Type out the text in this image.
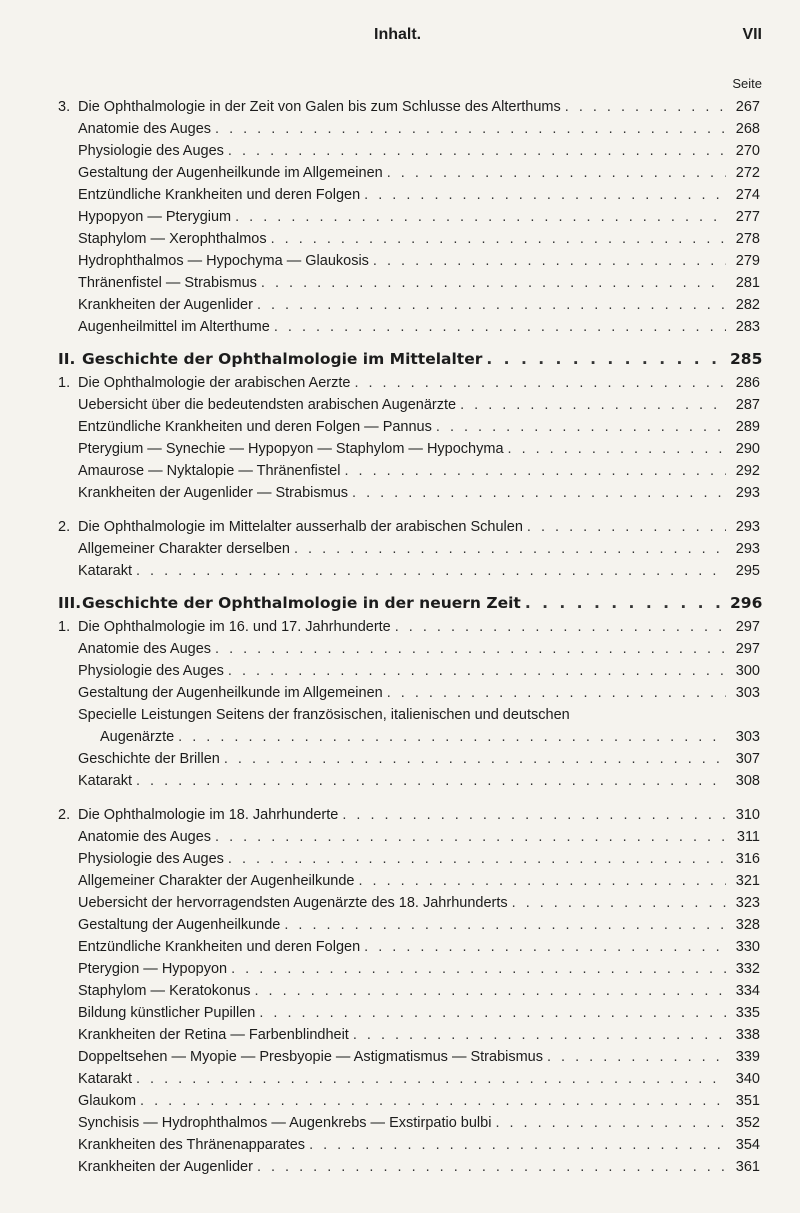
Inhalt.	VII
Seite
3. Die Ophthalmologie in der Zeit von Galen bis zum Schlusse des Alterthums . . .	267
Anatomie des Auges . . .	268
Physiologie des Auges . . .	270
Gestaltung der Augenheilkunde im Allgemeinen . . .	272
Entzündliche Krankheiten und deren Folgen . . .	274
Hypopyon — Pterygium . . .	277
Staphylom — Xerophthalmos . . .	278
Hydrophthalmos — Hypochyma — Glaukosis . . .	279
Thränenfistel — Strabismus . . .	281
Krankheiten der Augenlider . . .	282
Augenheilmittel im Alterthume . . .	283
II. Geschichte der Ophthalmologie im Mittelalter . . .	285
1. Die Ophthalmologie der arabischen Aerzte . . .	286
Uebersicht über die bedeutendsten arabischen Augenärzte . . .	287
Entzündliche Krankheiten und deren Folgen — Pannus . . .	289
Pterygium — Synechie — Hypopyon — Staphylom — Hypochyma . . .	290
Amaurose — Nyktalopie — Thränenfistel . . .	292
Krankheiten der Augenlider — Strabismus . . .	293
2. Die Ophthalmologie im Mittelalter ausserhalb der arabischen Schulen . . .	293
Allgemeiner Charakter derselben . . .	293
Katarakt . . .	295
III. Geschichte der Ophthalmologie in der neuern Zeit . . .	296
1. Die Ophthalmologie im 16. und 17. Jahrhunderte . . .	297
Anatomie des Auges . . .	297
Physiologie des Auges . . .	300
Gestaltung der Augenheilkunde im Allgemeinen . . .	303
Specielle Leistungen Seitens der französischen, italienischen und deutschen
Augenärzte . . .	303
Geschichte der Brillen . . .	307
Katarakt . . .	308
2. Die Ophthalmologie im 18. Jahrhunderte . . .	310
Anatomie des Auges . . .	311
Physiologie des Auges . . .	316
Allgemeiner Charakter der Augenheilkunde . . .	321
Uebersicht der hervorragendsten Augenärzte des 18. Jahrhunderts . . .	323
Gestaltung der Augenheilkunde . . .	328
Entzündliche Krankheiten und deren Folgen . . .	330
Pterygion — Hypopyon . . .	332
Staphylom — Keratokonus . . .	334
Bildung künstlicher Pupillen . . .	335
Krankheiten der Retina — Farbenblindheit . . .	338
Doppeltsehen — Myopie — Presbyopie — Astigmatismus — Strabismus . . .	339
Katarakt . . .	340
Glaukom . . .	351
Synchisis — Hydrophthalmos — Augenkrebs — Exstirpatio bulbi . . .	352
Krankheiten des Thränenapparates . . .	354
Krankheiten der Augenlider . . .	361
